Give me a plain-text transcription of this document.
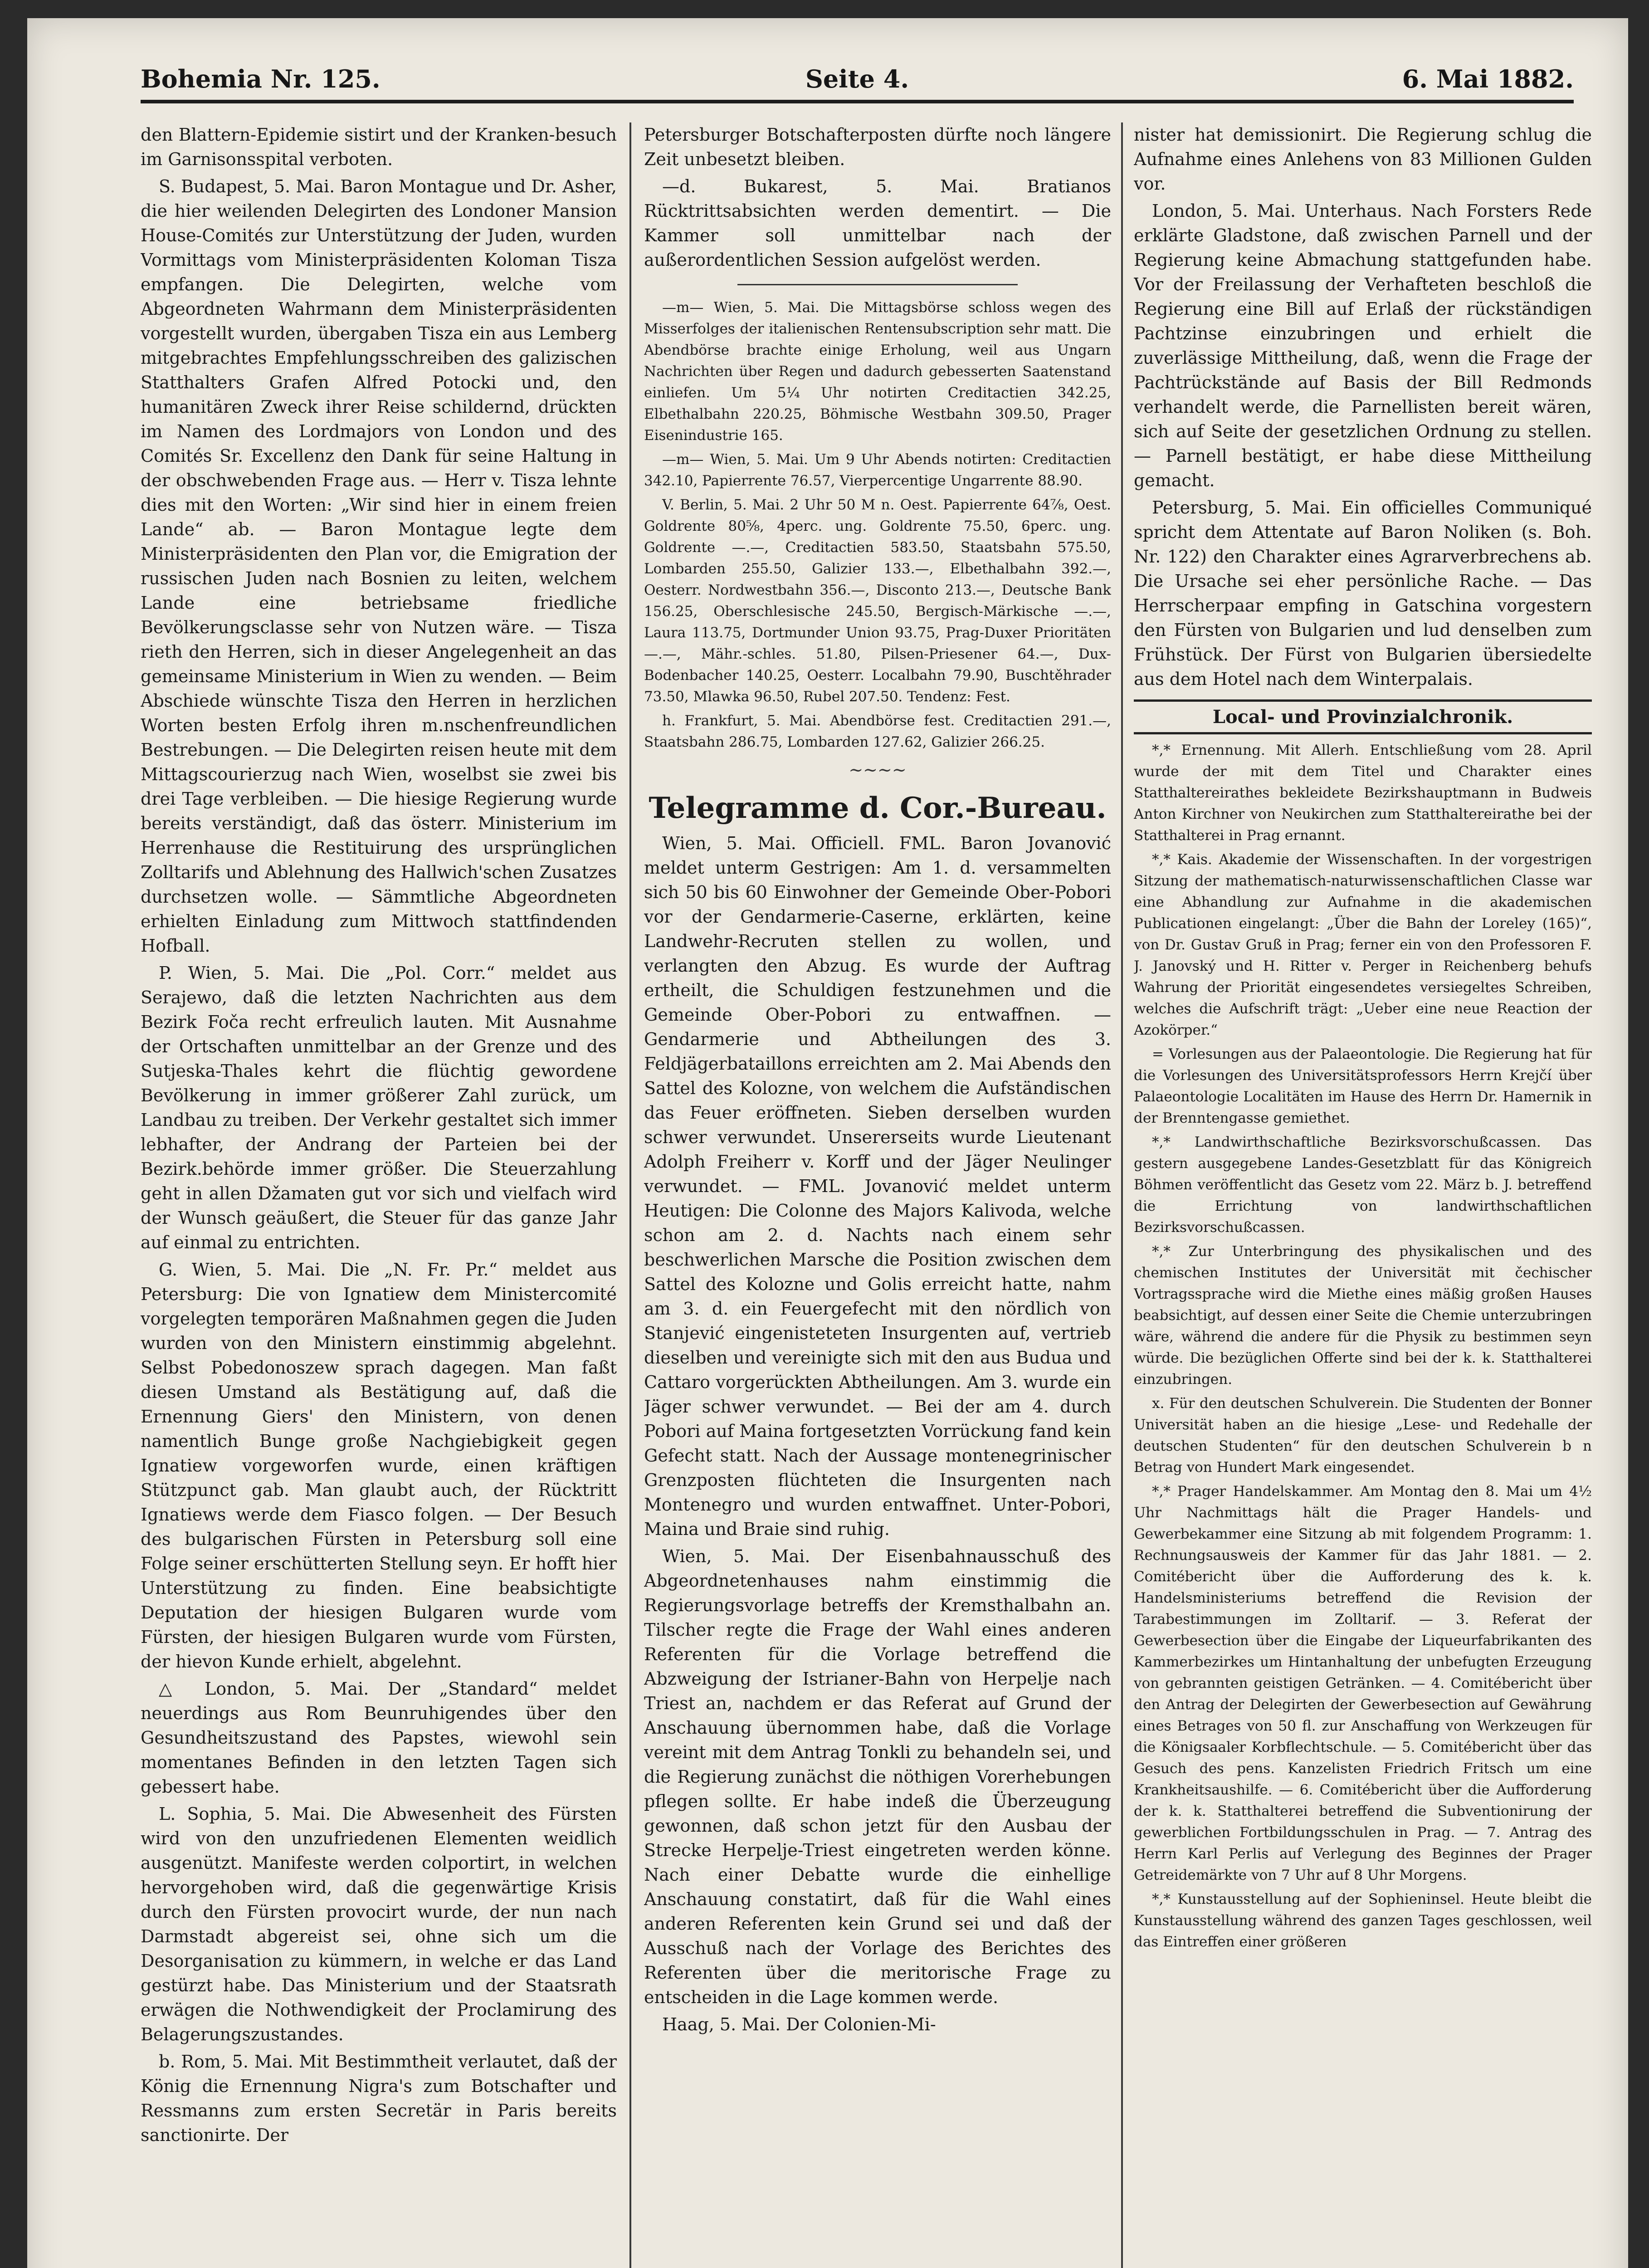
Bohemia Nr. 125.	Seite 4.	6. Mai 1882.

den Blattern-Epidemie sistirt und der Kranken-besuch im Garnisonsspital verboten.

S. Budapest, 5. Mai. Baron Montague und Dr. Asher, die hier weilenden Delegirten des Londoner Mansion House-Comités zur Unterstützung der Juden, wurden Vormittags vom Ministerpräsidenten Koloman Tisza empfangen. Die Delegirten, welche vom Abgeordneten Wahrmann dem Ministerpräsidenten vorgestellt wurden, übergaben Tisza ein aus Lemberg mitgebrachtes Empfehlungsschreiben des galizischen Statthalters Grafen Alfred Potocki und, den humanitären Zweck ihrer Reise schildernd, drückten im Namen des Lordmajors von London und des Comités Sr. Excellenz den Dank für seine Haltung in der obschwebenden Frage aus. — Herr v. Tisza lehnte dies mit den Worten: „Wir sind hier in einem freien Lande“ ab. — Baron Montague legte dem Ministerpräsidenten den Plan vor, die Emigration der russischen Juden nach Bosnien zu leiten, welchem Lande eine betriebsame friedliche Bevölkerungsclasse sehr von Nutzen wäre. — Tisza rieth den Herren, sich in dieser Angelegenheit an das gemeinsame Ministerium in Wien zu wenden. — Beim Abschiede wünschte Tisza den Herren in herzlichen Worten besten Erfolg ihren m.nschenfreundlichen Bestrebungen. — Die Delegirten reisen heute mit dem Mittagscourierzug nach Wien, woselbst sie zwei bis drei Tage verbleiben. — Die hiesige Regierung wurde bereits verständigt, daß das österr. Ministerium im Herrenhause die Restituirung des ursprünglichen Zolltarifs und Ablehnung des Hallwich'schen Zusatzes durchsetzen wolle. — Sämmtliche Abgeordneten erhielten Einladung zum Mittwoch stattfindenden Hofball.

P. Wien, 5. Mai. Die „Pol. Corr.“ meldet aus Serajewo, daß die letzten Nachrichten aus dem Bezirk Foča recht erfreulich lauten. Mit Ausnahme der Ortschaften unmittelbar an der Grenze und des Sutjeska-Thales kehrt die flüchtig gewordene Bevölkerung in immer größerer Zahl zurück, um Landbau zu treiben. Der Verkehr gestaltet sich immer lebhafter, der Andrang der Parteien bei der Bezirk.behörde immer größer. Die Steuerzahlung geht in allen Džamaten gut vor sich und vielfach wird der Wunsch geäußert, die Steuer für das ganze Jahr auf einmal zu entrichten.

G. Wien, 5. Mai. Die „N. Fr. Pr.“ meldet aus Petersburg: Die von Ignatiew dem Ministercomité vorgelegten temporären Maßnahmen gegen die Juden wurden von den Ministern einstimmig abgelehnt. Selbst Pobedonoszew sprach dagegen. Man faßt diesen Umstand als Bestätigung auf, daß die Ernennung Giers' den Ministern, von denen namentlich Bunge große Nachgiebigkeit gegen Ignatiew vorgeworfen wurde, einen kräftigen Stützpunct gab. Man glaubt auch, der Rücktritt Ignatiews werde dem Fiasco folgen. — Der Besuch des bulgarischen Fürsten in Petersburg soll eine Folge seiner erschütterten Stellung seyn. Er hofft hier Unterstützung zu finden. Eine beabsichtigte Deputation der hiesigen Bulgaren wurde vom Fürsten, der hiesigen Bulgaren wurde vom Fürsten, der hievon Kunde erhielt, abgelehnt.

△ London, 5. Mai. Der „Standard“ meldet neuerdings aus Rom Beunruhigendes über den Gesundheitszustand des Papstes, wiewohl sein momentanes Befinden in den letzten Tagen sich gebessert habe.

L. Sophia, 5. Mai. Die Abwesenheit des Fürsten wird von den unzufriedenen Elementen weidlich ausgenützt. Manifeste werden colportirt, in welchen hervorgehoben wird, daß die gegenwärtige Krisis durch den Fürsten provocirt wurde, der nun nach Darmstadt abgereist sei, ohne sich um die Desorganisation zu kümmern, in welche er das Land gestürzt habe. Das Ministerium und der Staatsrath erwägen die Nothwendigkeit der Proclamirung des Belagerungszustandes.

b. Rom, 5. Mai. Mit Bestimmtheit verlautet, daß der König die Ernennung Nigra's zum Botschafter und Ressmanns zum ersten Secretär in Paris bereits sanctionirte. Der

Petersburger Botschafterposten dürfte noch längere Zeit unbesetzt bleiben.

—d. Bukarest, 5. Mai. Bratianos Rücktrittsabsichten werden dementirt. — Die Kammer soll unmittelbar nach der außerordentlichen Session aufgelöst werden.

—m— Wien, 5. Mai. Die Mittagsbörse schloss wegen des Misserfolges der italienischen Rentensubscription sehr matt. Die Abendbörse brachte einige Erholung, weil aus Ungarn Nachrichten über Regen und dadurch gebesserten Saatenstand einliefen. Um 5¼ Uhr notirten Creditactien 342.25, Elbethalbahn 220.25, Böhmische Westbahn 309.50, Prager Eisenindustrie 165.

—m— Wien, 5. Mai. Um 9 Uhr Abends notirten: Creditactien 342.10, Papierrente 76.57, Vierpercentige Ungarrente 88.90.

V. Berlin, 5. Mai. 2 Uhr 50 M n. Oest. Papierrente 64⅞, Oest. Goldrente 80⅝, 4perc. ung. Goldrente 75.50, 6perc. ung. Goldrente —.—, Creditactien 583.50, Staatsbahn 575.50, Lombarden 255.50, Galizier 133.—, Elbethalbahn 392.—, Oesterr. Nordwestbahn 356.—, Disconto 213.—, Deutsche Bank 156.25, Oberschlesische 245.50, Bergisch-Märkische —.—, Laura 113.75, Dortmunder Union 93.75, Prag-Duxer Prioritäten —.—, Mähr.-schles. 51.80, Pilsen-Priesener 64.—, Dux-Bodenbacher 140.25, Oesterr. Localbahn 79.90, Buschtěhrader 73.50, Mlawka 96.50, Rubel 207.50. Tendenz: Fest.

h. Frankfurt, 5. Mai. Abendbörse fest. Creditactien 291.—, Staatsbahn 286.75, Lombarden 127.62, Galizier 266.25.

~~~~
Telegramme d. Cor.-Bureau.

Wien, 5. Mai. Officiell. FML. Baron Jovanović meldet unterm Gestrigen: Am 1. d. versammelten sich 50 bis 60 Einwohner der Gemeinde Ober-Pobori vor der Gendarmerie-Caserne, erklärten, keine Landwehr-Recruten stellen zu wollen, und verlangten den Abzug. Es wurde der Auftrag ertheilt, die Schuldigen festzunehmen und die Gemeinde Ober-Pobori zu entwaffnen. — Gendarmerie und Abtheilungen des 3. Feldjägerbataillons erreichten am 2. Mai Abends den Sattel des Kolozne, von welchem die Aufständischen das Feuer eröffneten. Sieben derselben wurden schwer verwundet. Unsererseits wurde Lieutenant Adolph Freiherr v. Korff und der Jäger Neulinger verwundet. — FML. Jovanović meldet unterm Heutigen: Die Colonne des Majors Kalivoda, welche schon am 2. d. Nachts nach einem sehr beschwerlichen Marsche die Position zwischen dem Sattel des Kolozne und Golis erreicht hatte, nahm am 3. d. ein Feuergefecht mit den nördlich von Stanjević eingenisteteten Insurgenten auf, vertrieb dieselben und vereinigte sich mit den aus Budua und Cattaro vorgerückten Abtheilungen. Am 3. wurde ein Jäger schwer verwundet. — Bei der am 4. durch Pobori auf Maina fortgesetzten Vorrückung fand kein Gefecht statt. Nach der Aussage montenegrinischer Grenzposten flüchteten die Insurgenten nach Montenegro und wurden entwaffnet. Unter-Pobori, Maina und Braie sind ruhig.

Wien, 5. Mai. Der Eisenbahnausschuß des Abgeordnetenhauses nahm einstimmig die Regierungsvorlage betreffs der Kremsthalbahn an. Tilscher regte die Frage der Wahl eines anderen Referenten für die Vorlage betreffend die Abzweigung der Istrianer-Bahn von Herpelje nach Triest an, nachdem er das Referat auf Grund der Anschauung übernommen habe, daß die Vorlage vereint mit dem Antrag Tonkli zu behandeln sei, und die Regierung zunächst die nöthigen Vorerhebungen pflegen sollte. Er habe indeß die Überzeugung gewonnen, daß schon jetzt für den Ausbau der Strecke Herpelje-Triest eingetreten werden könne. Nach einer Debatte wurde die einhellige Anschauung constatirt, daß für die Wahl eines anderen Referenten kein Grund sei und daß der Ausschuß nach der Vorlage des Berichtes des Referenten über die meritorische Frage zu entscheiden in die Lage kommen werde.

Haag, 5. Mai. Der Colonien-Mi-

nister hat demissionirt. Die Regierung schlug die Aufnahme eines Anlehens von 83 Millionen Gulden vor.

London, 5. Mai. Unterhaus. Nach Forsters Rede erklärte Gladstone, daß zwischen Parnell und der Regierung keine Abmachung stattgefunden habe. Vor der Freilassung der Verhafteten beschloß die Regierung eine Bill auf Erlaß der rückständigen Pachtzinse einzubringen und erhielt die zuverlässige Mittheilung, daß, wenn die Frage der Pachtrückstände auf Basis der Bill Redmonds verhandelt werde, die Parnellisten bereit wären, sich auf Seite der gesetzlichen Ordnung zu stellen. — Parnell bestätigt, er habe diese Mittheilung gemacht.

Petersburg, 5. Mai. Ein officielles Communiqué spricht dem Attentate auf Baron Noliken (s. Boh. Nr. 122) den Charakter eines Agrarverbrechens ab. Die Ursache sei eher persönliche Rache. — Das Herrscherpaar empfing in Gatschina vorgestern den Fürsten von Bulgarien und lud denselben zum Frühstück. Der Fürst von Bulgarien übersiedelte aus dem Hotel nach dem Winterpalais.

Local- und Provinzialchronik.

*,* Ernennung. Mit Allerh. Entschließung vom 28. April wurde der mit dem Titel und Charakter eines Statthaltereirathes bekleidete Bezirkshauptmann in Budweis Anton Kirchner von Neukirchen zum Statthaltereirathe bei der Statthalterei in Prag ernannt.

*,* Kais. Akademie der Wissenschaften. In der vorgestrigen Sitzung der mathematisch-naturwissenschaftlichen Classe war eine Abhandlung zur Aufnahme in die akademischen Publicationen eingelangt: „Über die Bahn der Loreley (165)“, von Dr. Gustav Gruß in Prag; ferner ein von den Professoren F. J. Janovský und H. Ritter v. Perger in Reichenberg behufs Wahrung der Priorität eingesendetes versiegeltes Schreiben, welches die Aufschrift trägt: „Ueber eine neue Reaction der Azokörper.“

= Vorlesungen aus der Palaeontologie. Die Regierung hat für die Vorlesungen des Universitätsprofessors Herrn Krejčí über Palaeontologie Localitäten im Hause des Herrn Dr. Hamernik in der Brenntengasse gemiethet.

*,* Landwirthschaftliche Bezirksvorschußcassen. Das gestern ausgegebene Landes-Gesetzblatt für das Königreich Böhmen veröffentlicht das Gesetz vom 22. März b. J. betreffend die Errichtung von landwirthschaftlichen Bezirksvorschußcassen.

*,* Zur Unterbringung des physikalischen und des chemischen Institutes der Universität mit čechischer Vortragssprache wird die Miethe eines mäßig großen Hauses beabsichtigt, auf dessen einer Seite die Chemie unterzubringen wäre, während die andere für die Physik zu bestimmen seyn würde. Die bezüglichen Offerte sind bei der k. k. Statthalterei einzubringen.

x. Für den deutschen Schulverein. Die Studenten der Bonner Universität haben an die hiesige „Lese- und Redehalle der deutschen Studenten“ für den deutschen Schulverein b n Betrag von Hundert Mark eingesendet.

*,* Prager Handelskammer. Am Montag den 8. Mai um 4½ Uhr Nachmittags hält die Prager Handels- und Gewerbekammer eine Sitzung ab mit folgendem Programm: 1. Rechnungsausweis der Kammer für das Jahr 1881. — 2. Comitébericht über die Aufforderung des k. k. Handelsministeriums betreffend die Revision der Tarabestimmungen im Zolltarif. — 3. Referat der Gewerbesection über die Eingabe der Liqueurfabrikanten des Kammerbezirkes um Hintanhaltung der unbefugten Erzeugung von gebrannten geistigen Getränken. — 4. Comitébericht über den Antrag der Delegirten der Gewerbesection auf Gewährung eines Betrages von 50 fl. zur Anschaffung von Werkzeugen für die Königsaaler Korbflechtschule. — 5. Comitébericht über das Gesuch des pens. Kanzelisten Friedrich Fritsch um eine Krankheitsaushilfe. — 6. Comitébericht über die Aufforderung der k. k. Statthalterei betreffend die Subventionirung der gewerblichen Fortbildungsschulen in Prag. — 7. Antrag des Herrn Karl Perlis auf Verlegung des Beginnes der Prager Getreidemärkte von 7 Uhr auf 8 Uhr Morgens.

*,* Kunstausstellung auf der Sophieninsel. Heute bleibt die Kunstausstellung während des ganzen Tages geschlossen, weil das Eintreffen einer größeren
